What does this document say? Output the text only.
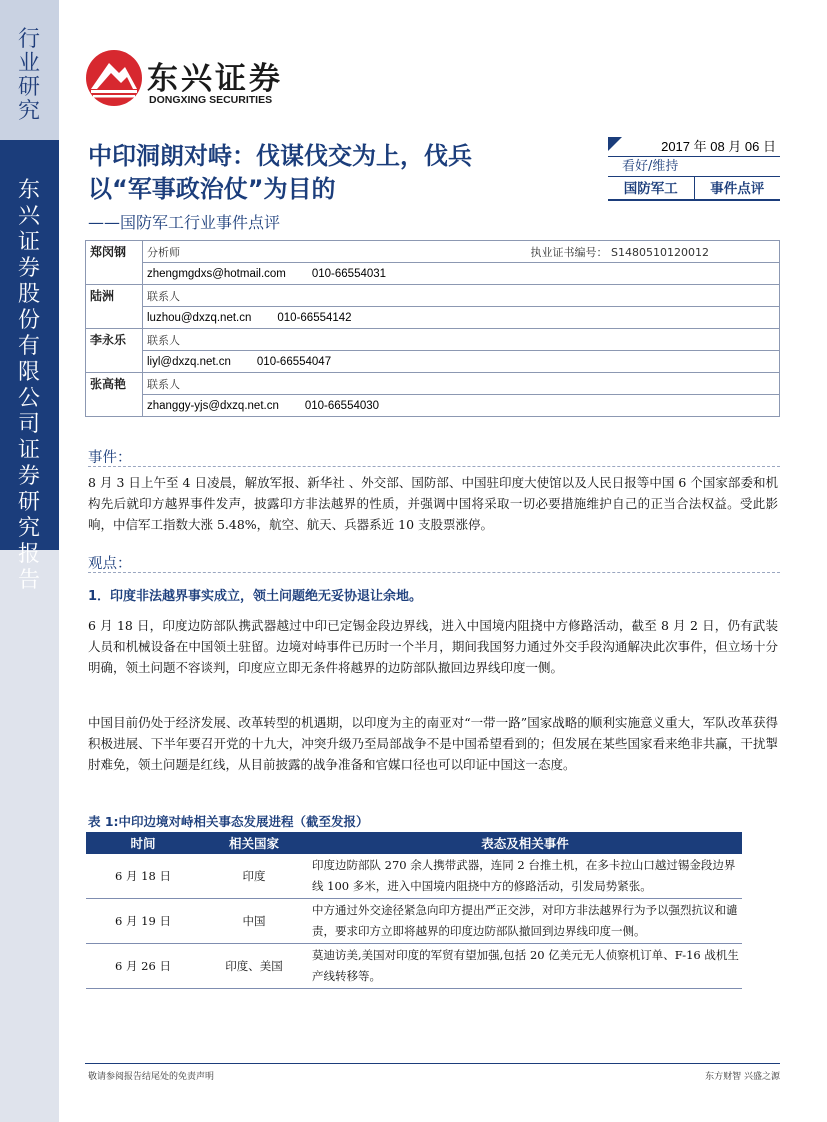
行业研究
东兴证券股份有限公司证券研究报告
东兴证券
DONGXING SECURITIES
中印洞朗对峙：伐谋伐交为上，伐兵以“军事政治仗”为目的
——国防军工行业事件点评
2017 年 08 月 06 日
看好/维持
国防军工	事件点评
郑闵钢	分析师 执业证书编号： S1480510120012

	zhengmgdxs@hotmail.com 010-66554031
陆洲	联系人
	luzhou@dxzq.net.cn 010-66554142
李永乐	联系人
	liyl@dxzq.net.cn 010-66554047
张高艳	联系人
	zhanggy-yjs@dxzq.net.cn 010-66554030
事件：
8 月 3 日上午至 4 日凌晨，解放军报、新华社 、外交部、国防部、中国驻印度大使馆以及人民日报等中国 6 个国家部委和机构先后就印方越界事件发声，披露印方非法越界的性质，并强调中国将采取一切必要措施维护自己的正当合法权益。受此影响，中信军工指数大涨 5.48%，航空、航天、兵器系近 10 支股票涨停。
观点：
1．印度非法越界事实成立，领土问题绝无妥协退让余地。
6 月 18 日，印度边防部队携武器越过中印已定锡金段边界线，进入中国境内阻挠中方修路活动，截至 8 月 2 日，仍有武装人员和机械设备在中国领土驻留。边境对峙事件已历时一个半月，期间我国努力通过外交手段沟通解决此次事件，但立场十分明确，领土问题不容谈判，印度应立即无条件将越界的边防部队撤回边界线印度一侧。
中国目前仍处于经济发展、改革转型的机遇期，以印度为主的南亚对“一带一路”国家战略的顺利实施意义重大，军队改革获得积极进展、下半年要召开党的十九大，冲突升级乃至局部战争不是中国希望看到的；但发展在某些国家看来绝非共赢，干扰掣肘难免，领土问题是红线，从目前披露的战争准备和官媒口径也可以印证中国这一态度。
表 1:中印边境对峙相关事态发展进程（截至发报）
时间	相关国家	表态及相关事件
6 月 18 日	印度	印度边防部队 270 余人携带武器，连同 2 台推土机，在多卡拉山口越过锡金段边界线 100 多米，进入中国境内阻挠中方的修路活动，引发局势紧张。
6 月 19 日	中国	中方通过外交途径紧急向印方提出严正交涉，对印方非法越界行为予以强烈抗议和谴责，要求印方立即将越界的印度边防部队撤回到边界线印度一侧。
6 月 26 日	印度、美国	莫迪访美,美国对印度的军贸有望加强,包括 20 亿美元无人侦察机订单、F-16 战机生产线转移等。
敬请参阅报告结尾处的免责声明	东方财智 兴盛之源
